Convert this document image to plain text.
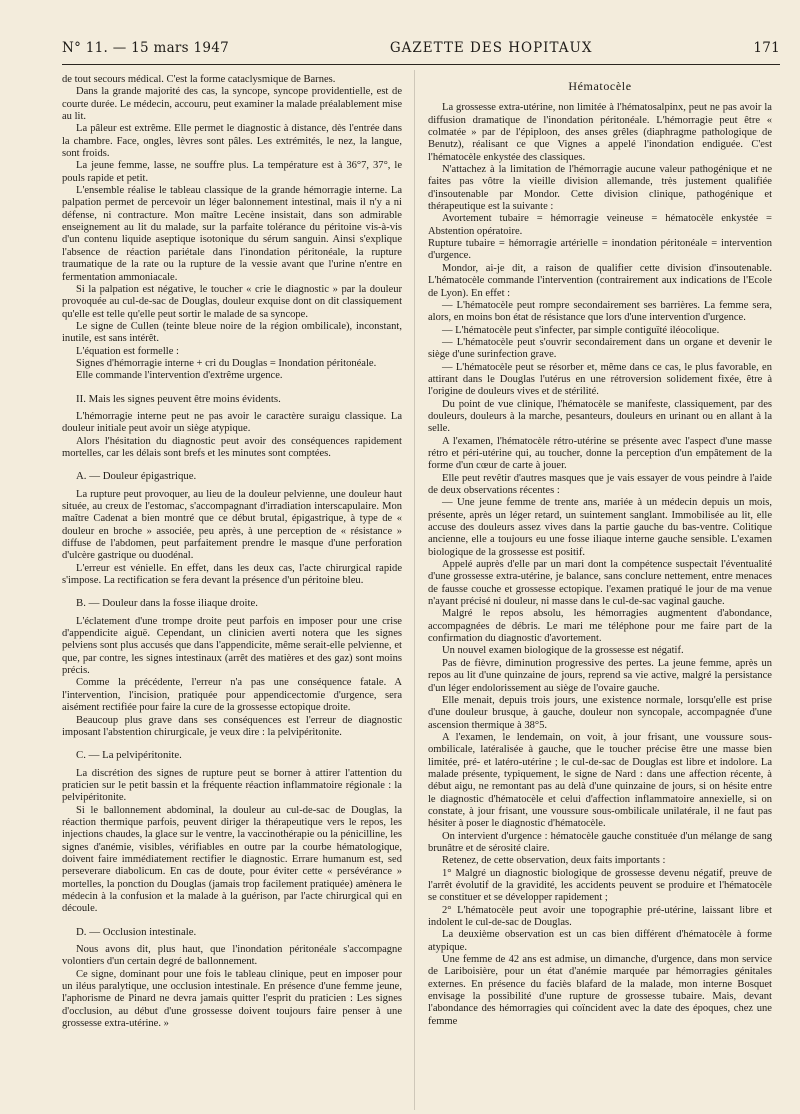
N° 11. — 15 mars 1947	GAZETTE DES HOPITAUX	171

de tout secours médical. C'est la forme cataclysmique de Barnes.

Dans la grande majorité des cas, la syncope, syncope providentielle, est de courte durée. Le médecin, accouru, peut examiner la malade préalablement mise au lit.

La pâleur est extrême. Elle permet le diagnostic à distance, dès l'entrée dans la chambre. Face, ongles, lèvres sont pâles. Les extrémités, le nez, la langue, sont froids.

La jeune femme, lasse, ne souffre plus. La température est à 36°7, 37°, le pouls rapide et petit.

L'ensemble réalise le tableau classique de la grande hémorragie interne. La palpation permet de percevoir un léger balonnement intestinal, mais il n'y a ni défense, ni contracture. Mon maître Lecène insistait, dans son admirable enseignement au lit du malade, sur la parfaite tolérance du péritoine vis-à-vis d'un contenu liquide aseptique isotonique du sérum sanguin. Ainsi s'explique l'absence de réaction pariétale dans l'inondation péritonéale, la rupture traumatique de la rate ou la rupture de la vessie avant que l'urine n'entre en fermentation ammoniacale.

Si la palpation est négative, le toucher « crie le diagnostic » par la douleur provoquée au cul-de-sac de Douglas, douleur exquise dont on dit classiquement qu'elle est telle qu'elle peut sortir le malade de sa syncope.

Le signe de Cullen (teinte bleue noire de la région ombilicale), inconstant, inutile, est sans intérêt.

L'équation est formelle :

Signes d'hémorragie interne + cri du Douglas = Inondation péritonéale.

Elle commande l'intervention d'extrême urgence.

II. Mais les signes peuvent être moins évidents.

L'hémorragie interne peut ne pas avoir le caractère suraigu classique. La douleur initiale peut avoir un siège atypique.

Alors l'hésitation du diagnostic peut avoir des conséquences rapidement mortelles, car les délais sont brefs et les minutes sont comptées.

A. — Douleur épigastrique.

La rupture peut provoquer, au lieu de la douleur pelvienne, une douleur haut située, au creux de l'estomac, s'accompagnant d'irradiation interscapulaire. Mon maître Cadenat a bien montré que ce début brutal, épigastrique, à type de « douleur en broche » associée, peu après, à une perception de « résistance » diffuse de l'abdomen, peut parfaitement prendre le masque d'une perforation d'ulcère gastrique ou duodénal.

L'erreur est vénielle. En effet, dans les deux cas, l'acte chirurgical rapide s'impose. La rectification se fera devant la présence d'un péritoine bleu.

B. — Douleur dans la fosse iliaque droite.

L'éclatement d'une trompe droite peut parfois en imposer pour une crise d'appendicite aiguë. Cependant, un clinicien averti notera que les signes pelviens sont plus accusés que dans l'appendicite, même serait-elle pelvienne, et que, par contre, les signes intestinaux (arrêt des matières et des gaz) sont moins précis.

Comme la précédente, l'erreur n'a pas une conséquence fatale. A l'intervention, l'incision, pratiquée pour appendicectomie d'urgence, sera aisément rectifiée pour faire la cure de la grossesse ectopique droite.

Beaucoup plus grave dans ses conséquences est l'erreur de diagnostic imposant l'abstention chirurgicale, je veux dire : la pelvipéritonite.

C. — La pelvipéritonite.

La discrétion des signes de rupture peut se borner à attirer l'attention du praticien sur le petit bassin et la fréquente réaction inflammatoire régionale : la pelvipéritonite.

Si le ballonnement abdominal, la douleur au cul-de-sac de Douglas, la réaction thermique parfois, peuvent diriger la thérapeutique vers le repos, les injections chaudes, la glace sur le ventre, la vaccinothérapie ou la pénicilline, les signes d'anémie, visibles, vérifiables en outre par la courbe hématologique, doivent faire immédiatement rectifier le diagnostic. Errare humanum est, sed perseverare diabolicum. En cas de doute, pour éviter cette « persévérance » mortelles, la ponction du Douglas (jamais trop facilement pratiquée) amènera le médecin à la confusion et la malade à la guérison, par l'acte chirurgical qui en découle.

D. — Occlusion intestinale.

Nous avons dit, plus haut, que l'inondation péritonéale s'accompagne volontiers d'un certain degré de ballonnement.

Ce signe, dominant pour une fois le tableau clinique, peut en imposer pour un iléus paralytique, une occlusion intestinale. En présence d'une femme jeune, l'aphorisme de Pinard ne devra jamais quitter l'esprit du praticien : Les signes d'occlusion, au début d'une grossesse doivent toujours faire penser à une grossesse extra-utérine. »

Hématocèle

La grossesse extra-utérine, non limitée à l'hématosalpinx, peut ne pas avoir la diffusion dramatique de l'inondation péritonéale. L'hémorragie peut être « colmatée » par de l'épiploon, des anses grêles (diaphragme pathologique de Benutz), réalisant ce que Vignes a appelé l'inondation endiguée. C'est l'hématocèle enkystée des classiques.

N'attachez à la limitation de l'hémorragie aucune valeur pathogénique et ne faites pas vôtre la vieille division allemande, très justement qualifiée d'insoutenable par Mondor. Cette division clinique, pathogénique et thérapeutique est la suivante :

Avortement tubaire = hémorragie veineuse = hématocèle enkystée = Abstention opératoire.

Rupture tubaire = hémorragie artérielle = inondation péritonéale = intervention d'urgence.

Mondor, ai-je dit, a raison de qualifier cette division d'insoutenable. L'hématocèle commande l'intervention (contrairement aux indications de l'Ecole de Lyon). En effet :

— L'hématocèle peut rompre secondairement ses barrières. La femme sera, alors, en moins bon état de résistance que lors d'une intervention d'urgence.

— L'hématocèle peut s'infecter, par simple contiguïté iléocolique.

— L'hématocèle peut s'ouvrir secondairement dans un organe et devenir le siège d'une surinfection grave.

— L'hématocèle peut se résorber et, même dans ce cas, le plus favorable, en attirant dans le Douglas l'utérus en une rétroversion solidement fixée, être à l'origine de douleurs vives et de stérilité.

Du point de vue clinique, l'hématocèle se manifeste, classiquement, par des douleurs, douleurs à la marche, pesanteurs, douleurs en urinant ou en allant à la selle.

A l'examen, l'hématocèle rétro-utérine se présente avec l'aspect d'une masse rétro et péri-utérine qui, au toucher, donne la perception d'un empâtement de la forme d'un cœur de carte à jouer.

Elle peut revêtir d'autres masques que je vais essayer de vous peindre à l'aide de deux observations récentes :

— Une jeune femme de trente ans, mariée à un médecin depuis un mois, présente, après un léger retard, un suintement sanglant. Immobilisée au lit, elle accuse des douleurs assez vives dans la partie gauche du bas-ventre. Colitique ancienne, elle a toujours eu une fosse iliaque interne gauche sensible. L'examen biologique de la grossesse est positif.

Appelé auprès d'elle par un mari dont la compétence suspectait l'éventualité d'une grossesse extra-utérine, je balance, sans conclure nettement, entre menaces de fausse couche et grossesse ectopique. l'examen pratiqué le jour de ma venue n'ayant précisé ni douleur, ni masse dans le cul-de-sac vaginal gauche.

Malgré le repos absolu, les hémorragies augmentent d'abondance, accompagnées de débris. Le mari me téléphone pour me faire part de la confirmation du diagnostic d'avortement.

Un nouvel examen biologique de la grossesse est négatif.

Pas de fièvre, diminution progressive des pertes. La jeune femme, après un repos au lit d'une quinzaine de jours, reprend sa vie active, malgré la persistance d'un léger endolorissement au siège de l'ovaire gauche.

Elle menait, depuis trois jours, une existence normale, lorsqu'elle est prise d'une douleur brusque, à gauche, douleur non syncopale, accompagnée d'une ascension thermique à 38°5.

A l'examen, le lendemain, on voit, à jour frisant, une voussure sous-ombilicale, latéralisée à gauche, que le toucher précise être une masse bien limitée, pré- et latéro-utérine ; le cul-de-sac de Douglas est libre et indolore. La malade présente, typiquement, le signe de Nard : dans une affection récente, à début aigu, ne remontant pas au delà d'une quinzaine de jours, si on hésite entre le diagnostic d'hématocèle et celui d'affection inflammatoire annexielle, si on constate, à jour frisant, une voussure sous-ombilicale unilatérale, il ne faut pas hésiter à poser le diagnostic d'hématocèle.

On intervient d'urgence : hématocèle gauche constituée d'un mélange de sang brunâtre et de sérosité claire.

Retenez, de cette observation, deux faits importants :

1° Malgré un diagnostic biologique de grossesse devenu négatif, preuve de l'arrêt évolutif de la gravidité, les accidents peuvent se produire et l'hématocèle se constituer et se développer rapidement ;

2° L'hématocèle peut avoir une topographie pré-utérine, laissant libre et indolent le cul-de-sac de Douglas.

La deuxième observation est un cas bien différent d'hématocèle à forme atypique.

Une femme de 42 ans est admise, un dimanche, d'urgence, dans mon service de Lariboisière, pour un état d'anémie marquée par hémorragies génitales externes. En présence du faciès blafard de la malade, mon interne Bosquet envisage la possibilité d'une rupture de grossesse tubaire. Mais, devant l'abondance des hémorragies qui coïncident avec la date des époques, chez une femme
